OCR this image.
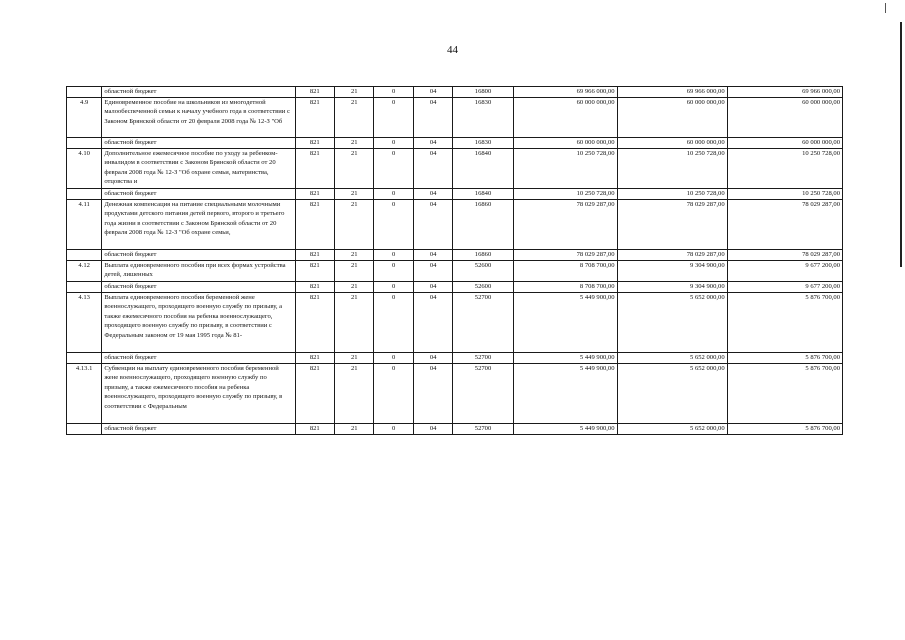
44

	областной бюджет	821	21	0	04	16800	69 966 000,00	69 966 000,00	69 966 000,00
4.9	Единовременное пособие на школьников из многодетной малообеспеченной семьи к началу учебного года в соответствии с Законом Брянской области от 20 февраля 2008 года № 12-З "Об	821	21	0	04	16830	60 000 000,00	60 000 000,00	60 000 000,00

	областной бюджет	821	21	0	04	16830	60 000 000,00	60 000 000,00	60 000 000,00
4.10	Дополнительное ежемесячное пособие по уходу за ребенком-инвалидом в соответствии с Законом Брянской области от 20 февраля 2008 года № 12-З "Об охране семьи, материнства, отцовства и	821	21	0	04	16840	10 250 728,00	10 250 728,00	10 250 728,00

	областной бюджет	821	21	0	04	16840	10 250 728,00	10 250 728,00	10 250 728,00
4.11	Денежная компенсация на питание специальными молочными продуктами детского питания детей первого, второго и третьего года жизни в соответствии с Законом Брянской области от 20 февраля 2008 года № 12-З "Об охране семьи,	821	21	0	04	16860	78 029 287,00	78 029 287,00	78 029 287,00

	областной бюджет	821	21	0	04	16860	78 029 287,00	78 029 287,00	78 029 287,00
4.12	Выплата единовременного пособия при всех формах устройства детей, лишенных	821	21	0	04	52600	8 708 700,00	9 304 900,00	9 677 200,00

	областной бюджет	821	21	0	04	52600	8 708 700,00	9 304 900,00	9 677 200,00
4.13	Выплата единовременного пособия беременной жене военнослужащего, проходящего военную службу по призыву, а также ежемесячного пособия на ребенка военнослужащего, проходящего военную службу по призыву, в соответствии с Федеральным законом от 19 мая 1995 года № 81-	821	21	0	04	52700	5 449 900,00	5 652 000,00	5 876 700,00

	областной бюджет	821	21	0	04	52700	5 449 900,00	5 652 000,00	5 876 700,00
4.13.1	Субвенции на выплату единовременного пособия беременной жене военнослужащего, проходящего военную службу по призыву, а также ежемесячного пособия на ребенка военнослужащего, проходящего военную службу по призыву, в соответствии с Федеральным	821	21	0	04	52700	5 449 900,00	5 652 000,00	5 876 700,00

	областной бюджет	821	21	0	04	52700	5 449 900,00	5 652 000,00	5 876 700,00
